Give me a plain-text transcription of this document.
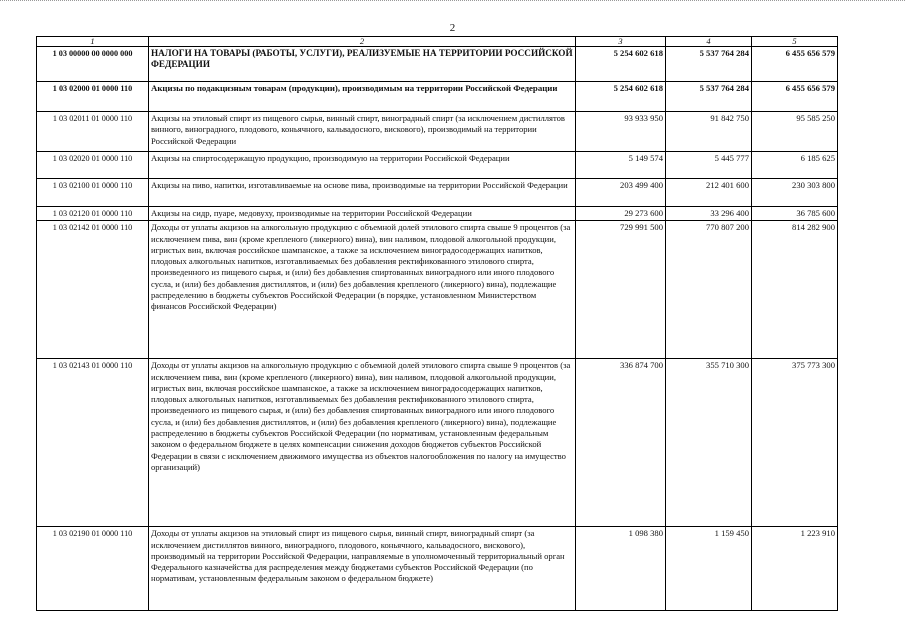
2
1	2	3	4	5
1 03 00000 00 0000 000	НАЛОГИ НА ТОВАРЫ (РАБОТЫ, УСЛУГИ), РЕАЛИЗУЕМЫЕ НА ТЕРРИТОРИИ РОССИЙСКОЙ ФЕДЕРАЦИИ	5 254 602 618	5 537 764 284	6 455 656 579
1 03 02000 01 0000 110	Акцизы по подакцизным товарам (продукции), производимым на территории Российской Федерации	5 254 602 618	5 537 764 284	6 455 656 579
1 03 02011 01 0000 110	Акцизы на этиловый спирт из пищевого сырья, винный спирт, виноградный спирт (за исключением дистиллятов винного, виноградного, плодового, коньячного, кальвадосного, вискового), производимый на территории Российской Федерации	93 933 950	91 842 750	95 585 250
1 03 02020 01 0000 110	Акцизы на спиртосодержащую продукцию, производимую на территории Российской Федерации	5 149 574	5 445 777	6 185 625
1 03 02100 01 0000 110	Акцизы на пиво, напитки, изготавливаемые на основе пива, производимые на территории Российской Федерации	203 499 400	212 401 600	230 303 800
1 03 02120 01 0000 110	Акцизы на сидр, пуаре, медовуху, производимые на территории Российской Федерации	29 273 600	33 296 400	36 785 600
1 03 02142 01 0000 110	Доходы от уплаты акцизов на алкогольную продукцию с объемной долей этилового спирта свыше 9 процентов (за исключением пива, вин (кроме крепленого (ликерного) вина), вин наливом, плодовой алкогольной продукции, игристых вин, включая российское шампанское, а также за исключением виноградосодержащих напитков, плодовых алкогольных напитков, изготавливаемых без добавления ректификованного этилового спирта, произведенного из пищевого сырья, и (или) без добавления спиртованных виноградного или иного плодового сусла, и (или) без добавления дистиллятов, и (или) без добавления крепленого (ликерного) вина), подлежащие распределению в бюджеты субъектов Российской Федерации (в порядке, установленном Министерством финансов Российской Федерации)	729 991 500	770 807 200	814 282 900
1 03 02143 01 0000 110	Доходы от уплаты акцизов на алкогольную продукцию с объемной долей этилового спирта свыше 9 процентов (за исключением пива, вин (кроме крепленого (ликерного) вина), вин наливом, плодовой алкогольной продукции, игристых вин, включая российское шампанское, а также за исключением виноградосодержащих напитков, плодовых алкогольных напитков, изготавливаемых без добавления ректификованного этилового спирта, произведенного из пищевого сырья, и (или) без добавления спиртованных виноградного или иного плодового сусла, и (или) без добавления дистиллятов, и (или) без добавления крепленого (ликерного) вина), подлежащие распределению в бюджеты субъектов Российской Федерации (по нормативам, установленным федеральным законом о федеральном бюджете в целях компенсации снижения доходов бюджетов субъектов Российской Федерации в связи с исключением движимого имущества из объектов налогообложения по налогу на имущество организаций)	336 874 700	355 710 300	375 773 300
1 03 02190 01 0000 110	Доходы от уплаты акцизов на этиловый спирт из пищевого сырья, винный спирт, виноградный спирт (за исключением дистиллятов винного, виноградного, плодового, коньячного, кальвадосного, вискового), производимый на территории Российской Федерации, направляемые в уполномоченный территориальный орган Федерального казначейства для распределения между бюджетами субъектов Российской Федерации (по нормативам, установленным федеральным законом о федеральном бюджете)	1 098 380	1 159 450	1 223 910
